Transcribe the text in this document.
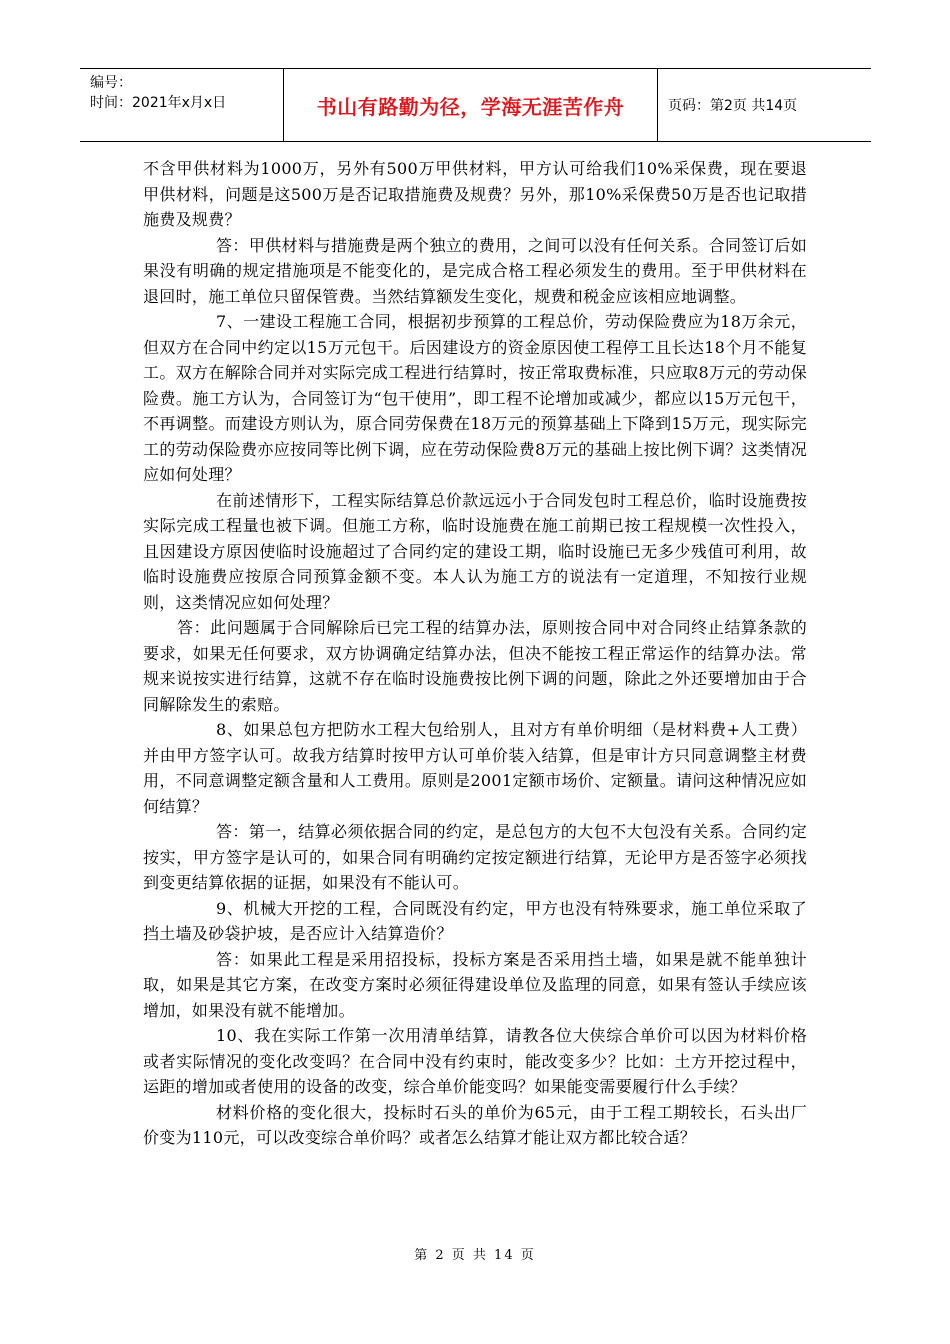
编号：
时间：2021年x月x日	书山有路勤为径，学海无涯苦作舟	页码：第2页 共14页

不含甲供材料为1000万，另外有500万甲供材料，甲方认可给我们10%采保费，现在要退甲供材料，问题是这500万是否记取措施费及规费？另外，那10%采保费50万是否也记取措施费及规费？

答：甲供材料与措施费是两个独立的费用，之间可以没有任何关系。合同签订后如果没有明确的规定措施项是不能变化的，是完成合格工程必须发生的费用。至于甲供材料在退回时，施工单位只留保管费。当然结算额发生变化，规费和税金应该相应地调整。

7、一建设工程施工合同，根据初步预算的工程总价，劳动保险费应为18万余元，但双方在合同中约定以15万元包干。后因建设方的资金原因使工程停工且长达18个月不能复工。双方在解除合同并对实际完成工程进行结算时，按正常取费标准，只应取8万元的劳动保险费。施工方认为，合同签订为“包干使用”，即工程不论增加或减少，都应以15万元包干，不再调整。而建设方则认为，原合同劳保费在18万元的预算基础上下降到15万元，现实际完工的劳动保险费亦应按同等比例下调，应在劳动保险费8万元的基础上按比例下调？这类情况应如何处理？

在前述情形下，工程实际结算总价款远远小于合同发包时工程总价，临时设施费按实际完成工程量也被下调。但施工方称，临时设施费在施工前期已按工程规模一次性投入，且因建设方原因使临时设施超过了合同约定的建设工期，临时设施已无多少残值可利用，故临时设施费应按原合同预算金额不变。本人认为施工方的说法有一定道理，不知按行业规则，这类情况应如何处理？

答：此问题属于合同解除后已完工程的结算办法，原则按合同中对合同终止结算条款的要求，如果无任何要求，双方协调确定结算办法，但决不能按工程正常运作的结算办法。常规来说按实进行结算，这就不存在临时设施费按比例下调的问题，除此之外还要增加由于合同解除发生的索赔。

8、如果总包方把防水工程大包给别人，且对方有单价明细（是材料费+人工费）并由甲方签字认可。故我方结算时按甲方认可单价装入结算，但是审计方只同意调整主材费用，不同意调整定额含量和人工费用。原则是2001定额市场价、定额量。请问这种情况应如何结算？

答：第一，结算必须依据合同的约定，是总包方的大包不大包没有关系。合同约定按实，甲方签字是认可的，如果合同有明确约定按定额进行结算，无论甲方是否签字必须找到变更结算依据的证据，如果没有不能认可。

9、机械大开挖的工程，合同既没有约定，甲方也没有特殊要求，施工单位采取了挡土墙及砂袋护坡，是否应计入结算造价？

答：如果此工程是采用招投标，投标方案是否采用挡土墙，如果是就不能单独计取，如果是其它方案，在改变方案时必须征得建设单位及监理的同意，如果有签认手续应该增加，如果没有就不能增加。

10、我在实际工作第一次用清单结算，请教各位大侠综合单价可以因为材料价格或者实际情况的变化改变吗？在合同中没有约束时，能改变多少？比如：土方开挖过程中，运距的增加或者使用的设备的改变，综合单价能变吗？如果能变需要履行什么手续？

材料价格的变化很大，投标时石头的单价为65元，由于工程工期较长，石头出厂价变为110元，可以改变综合单价吗？或者怎么结算才能让双方都比较合适？

第 2 页 共 14 页
